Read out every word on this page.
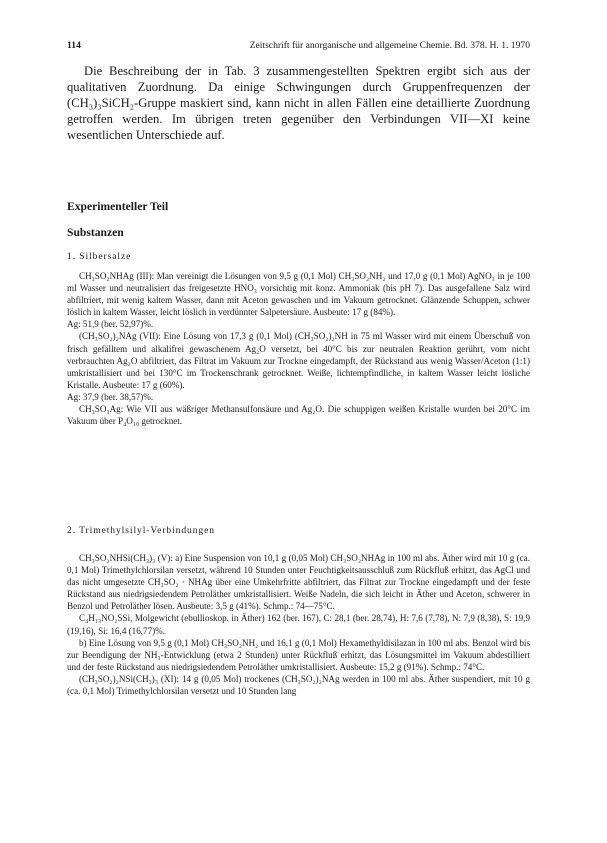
114	Zeitschrift für anorganische und allgemeine Chemie. Bd. 378. H. 1. 1970

Die Beschreibung der in Tab. 3 zusammengestellten Spektren ergibt sich aus der qualitativen Zuordnung. Da einige Schwingungen durch Gruppenfrequenzen der (CH₃)₃SiCH₂-Gruppe maskiert sind, kann nicht in allen Fällen eine detaillierte Zuordnung getroffen werden. Im übrigen treten gegenüber den Verbindungen VII—XI keine wesentlichen Unterschiede auf.

Experimenteller Teil
Substanzen
1. Silbersalze

CH₃SO₂NHAg (III): Man vereinigt die Lösungen von 9,5 g (0,1 Mol) CH₃SO₂NH₂ und 17,0 g (0,1 Mol) AgNO₃ in je 100 ml Wasser und neutralisiert das freigesetzte HNO₃ vorsichtig mit konz. Ammoniak (bis pH 7). Das ausgefallene Salz wird abfiltriert, mit wenig kaltem Wasser, dann mit Aceton gewaschen und im Vakuum getrocknet. Glänzende Schuppen, schwer löslich in kaltem Wasser, leicht löslich in verdünnter Salpetersäure. Ausbeute: 17 g (84%).

Ag: 51,9 (ber. 52,97)%.

(CH₃SO₂)₂NAg (VII): Eine Lösung von 17,3 g (0,1 Mol) (CH₃SO₂)₂NH in 75 ml Wasser wird mit einem Überschuß von frisch gefälltem und alkalifrei gewaschenem Ag₂O versetzt, bei 40°C bis zur neutralen Reaktion gerührt, vom nicht verbrauchten Ag₂O abfiltriert, das Filtrat im Vakuum zur Trockne eingedampft, der Rückstand aus wenig Wasser/Aceton (1:1) umkristallisiert und bei 130°C im Trockenschrank getrocknet. Weiße, lichtempfindliche, in kaltem Wasser leicht lösliche Kristalle. Ausbeute: 17 g (60%).

Ag: 37,9 (ber. 38,57)%.

CH₃SO₃Ag: Wie VII aus wäßriger Methansulfonsäure und Ag₂O. Die schuppigen weißen Kristalle wurden bei 20°C im Vakuum über P₄O₁₀ getrocknet.

2. Trimethylsilyl-Verbindungen

CH₃SO₂NHSi(CH₃)₃ (V): a) Eine Suspension von 10,1 g (0,05 Mol) CH₃SO₂NHAg in 100 ml abs. Äther wird mit 10 g (ca. 0,1 Mol) Trimethylchlorsilan versetzt, während 10 Stunden unter Feuchtigkeitsausschluß zum Rückfluß erhitzt, das AgCl und das nicht umgesetzte CH₃SO₂ · NHAg über eine Umkehrfritte abfiltriert, das Filtrat zur Trockne eingedampft und der feste Rückstand aus niedrigsiedendem Petroläther umkristallisiert. Weiße Nadeln, die sich leicht in Äther und Aceton, schwerer in Benzol und Petroläther lösen. Ausbeute: 3,5 g (41%). Schmp.: 74—75°C.

C₄H₁₃NO₂SSi, Molgewicht (ebullioskop. in Äther) 162 (ber. 167), C: 28,1 (ber. 28,74), H: 7,6 (7,78), N: 7,9 (8,38), S: 19,9 (19,16), Si: 16,4 (16,77)%.

b) Eine Lösung von 9,5 g (0,1 Mol) CH₃SO₂NH₂ und 16,1 g (0,1 Mol) Hexamethyldisilazan in 100 ml abs. Benzol wird bis zur Beendigung der NH₃-Entwicklung (etwa 2 Stunden) unter Rückfluß erhitzt, das Lösungsmittel im Vakuum abdestilliert und der feste Rückstand aus niedrigsiedendem Petroläther umkristallisiert. Ausbeute: 15,2 g (91%). Schmp.: 74°C.

(CH₃SO₂)₂NSi(CH₃)₃ (XI): 14 g (0,05 Mol) trockenes (CH₃SO₂)₂NAg werden in 100 ml abs. Äther suspendiert, mit 10 g (ca. 0,1 Mol) Trimethylchlorsilan versetzt und 10 Stunden lang
